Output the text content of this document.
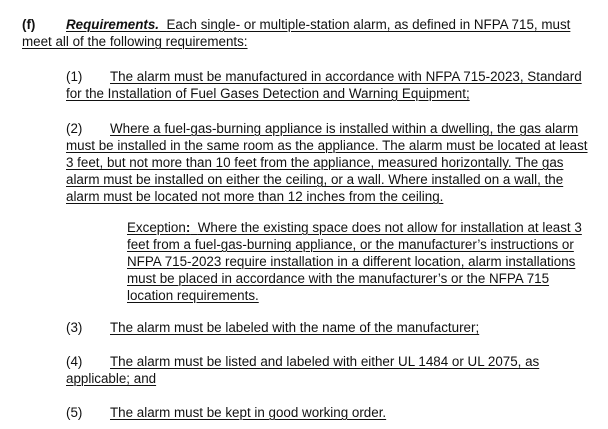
(f) Requirements. Each single- or multiple-station alarm, as defined in NFPA 715, must meet all of the following requirements:
(1) The alarm must be manufactured in accordance with NFPA 715-2023, Standard for the Installation of Fuel Gases Detection and Warning Equipment;
(2) Where a fuel-gas-burning appliance is installed within a dwelling, the gas alarm must be installed in the same room as the appliance. The alarm must be located at least 3 feet, but not more than 10 feet from the appliance, measured horizontally. The gas alarm must be installed on either the ceiling, or a wall. Where installed on a wall, the alarm must be located not more than 12 inches from the ceiling.
Exception: Where the existing space does not allow for installation at least 3 feet from a fuel-gas-burning appliance, or the manufacturer’s instructions or NFPA 715-2023 require installation in a different location, alarm installations must be placed in accordance with the manufacturer’s or the NFPA 715 location requirements.
(3) The alarm must be labeled with the name of the manufacturer;
(4) The alarm must be listed and labeled with either UL 1484 or UL 2075, as applicable; and
(5) The alarm must be kept in good working order.
